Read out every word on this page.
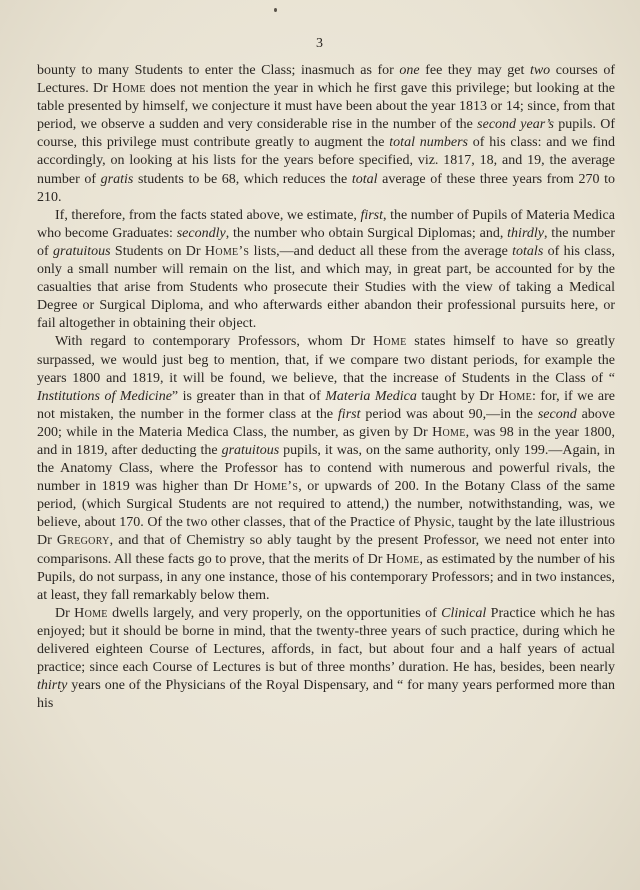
3

bounty to many Students to enter the Class; inasmuch as for one fee they may get two courses of Lectures. Dr Home does not mention the year in which he first gave this privilege; but looking at the table presented by himself, we conjecture it must have been about the year 1813 or 14; since, from that period, we observe a sudden and very considerable rise in the number of the second year’s pupils. Of course, this privilege must contribute greatly to augment the total numbers of his class: and we find accordingly, on looking at his lists for the years before specified, viz. 1817, 18, and 19, the average number of gratis students to be 68, which reduces the total average of these three years from 270 to 210.

If, therefore, from the facts stated above, we estimate, first, the number of Pupils of Materia Medica who become Graduates: secondly, the number who obtain Surgical Diplomas; and, thirdly, the number of gratuitous Students on Dr Home’s lists,—and deduct all these from the average totals of his class, only a small number will remain on the list, and which may, in great part, be accounted for by the casualties that arise from Students who prosecute their Studies with the view of taking a Medical Degree or Surgical Diploma, and who afterwards either abandon their professional pursuits here, or fail altogether in obtaining their object.

With regard to contemporary Professors, whom Dr Home states himself to have so greatly surpassed, we would just beg to mention, that, if we compare two distant periods, for example the years 1800 and 1819, it will be found, we believe, that the increase of Students in the Class of “ Institutions of Medicine” is greater than in that of Materia Medica taught by Dr Home: for, if we are not mistaken, the number in the former class at the first period was about 90,—in the second above 200; while in the Materia Medica Class, the number, as given by Dr Home, was 98 in the year 1800, and in 1819, after deducting the gratuitous pupils, it was, on the same authority, only 199.—Again, in the Anatomy Class, where the Professor has to contend with numerous and powerful rivals, the number in 1819 was higher than Dr Home’s, or upwards of 200. In the Botany Class of the same period, (which Surgical Students are not required to attend,) the number, notwithstanding, was, we believe, about 170. Of the two other classes, that of the Practice of Physic, taught by the late illustrious Dr Gregory, and that of Chemistry so ably taught by the present Professor, we need not enter into comparisons. All these facts go to prove, that the merits of Dr Home, as estimated by the number of his Pupils, do not surpass, in any one instance, those of his contemporary Professors; and in two instances, at least, they fall remarkably below them.

Dr Home dwells largely, and very properly, on the opportunities of Clinical Practice which he has enjoyed; but it should be borne in mind, that the twenty-three years of such practice, during which he delivered eighteen Course of Lectures, affords, in fact, but about four and a half years of actual practice; since each Course of Lectures is but of three months’ duration. He has, besides, been nearly thirty years one of the Physicians of the Royal Dispensary, and “ for many years performed more than his
